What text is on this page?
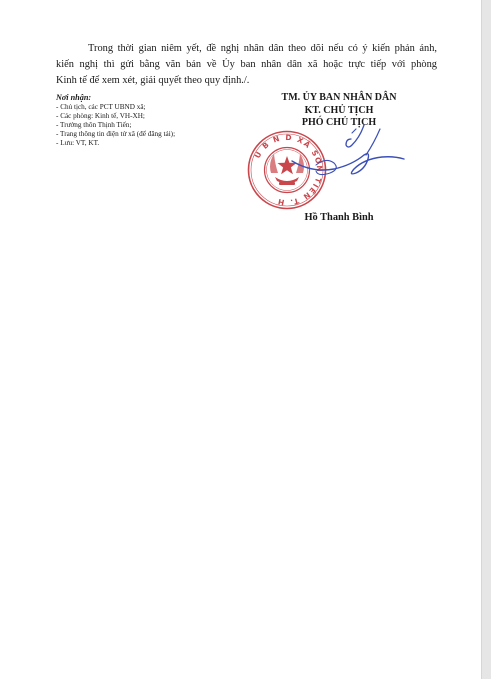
Trong thời gian niêm yết, đề nghị nhân dân theo dõi nếu có ý kiến phản ánh,
kiến nghị thì gửi bằng văn bản về Ủy ban nhân dân xã hoặc trực tiếp với phòng
Kinh tế để xem xét, giải quyết theo quy định./.
Nơi nhận:
- Chủ tịch, các PCT UBND xã;
- Các phòng: Kinh tế, VH-XH;
- Trưởng thôn Thịnh Tiến;
- Trang thông tin điện tử xã (để đăng tải);
- Lưu: VT, KT.
TM. ỦY BAN NHÂN DÂN
KT. CHỦ TỊCH
PHÓ CHỦ TỊCH
U B N D XÃ SƠN TIẾN T. H
Hồ Thanh Bình
